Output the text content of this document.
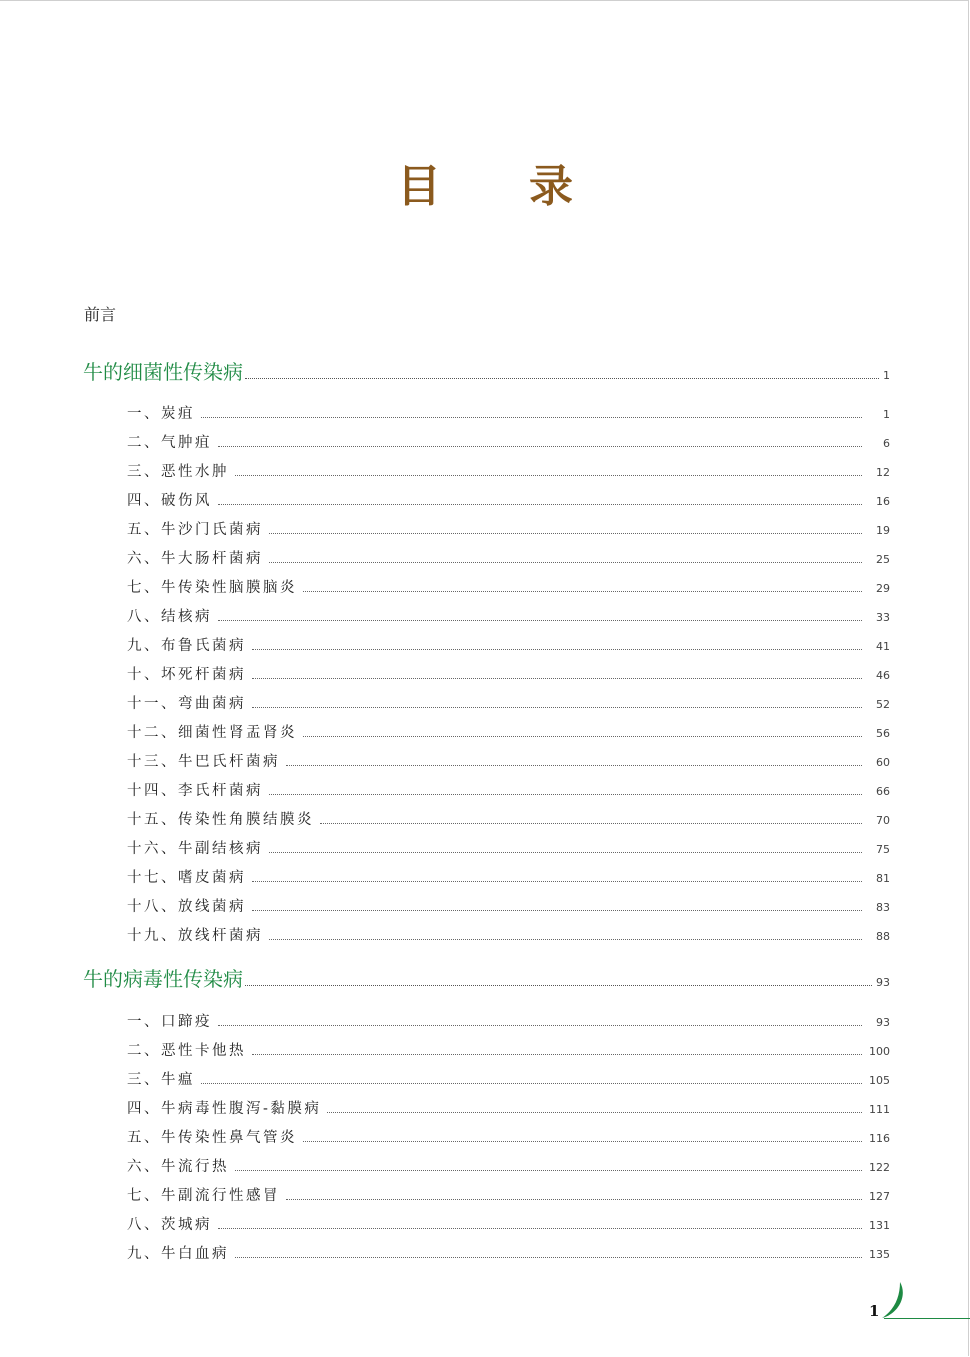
目 录
前言
牛的细菌性传染病	1
一、炭疽	1
二、气肿疽	6
三、恶性水肿	12
四、破伤风	16
五、牛沙门氏菌病	19
六、牛大肠杆菌病	25
七、牛传染性脑膜脑炎	29
八、结核病	33
九、布鲁氏菌病	41
十、坏死杆菌病	46
十一、弯曲菌病	52
十二、细菌性肾盂肾炎	56
十三、牛巴氏杆菌病	60
十四、李氏杆菌病	66
十五、传染性角膜结膜炎	70
十六、牛副结核病	75
十七、嗜皮菌病	81
十八、放线菌病	83
十九、放线杆菌病	88
牛的病毒性传染病	93
一、口蹄疫	93
二、恶性卡他热	100
三、牛瘟	105
四、牛病毒性腹泻-黏膜病	111
五、牛传染性鼻气管炎	116
六、牛流行热	122
七、牛副流行性感冒	127
八、茨城病	131
九、牛白血病	135
1
